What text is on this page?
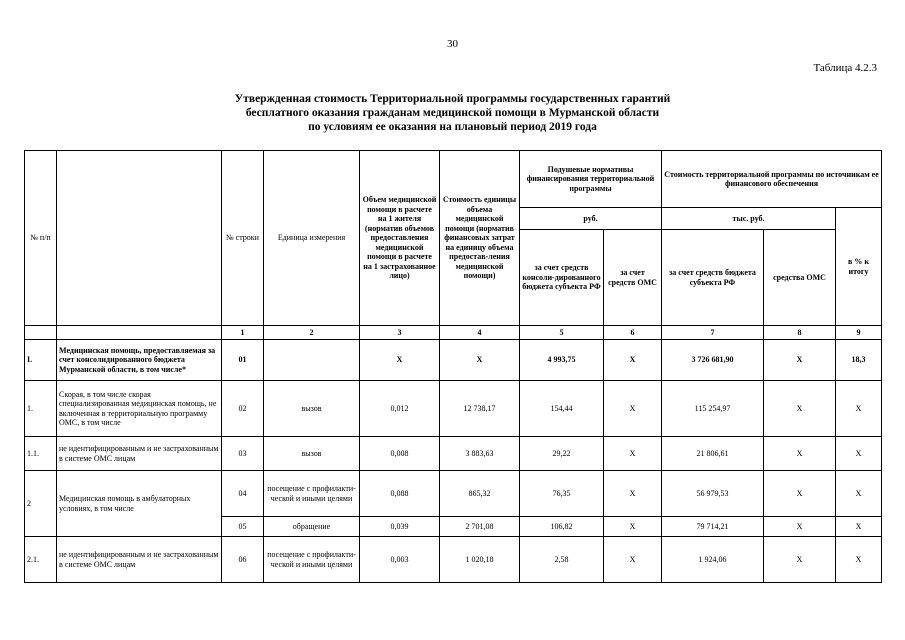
30
Таблица 4.2.3
Утвержденная стоимость Территориальной программы государственных гарантий
бесплатного оказания гражданам медицинской помощи в Мурманской области
по условиям ее оказания на плановый период 2019 года
№ п/п		№ строки	Единица измерения	Объем медицинской помощи в расчете на 1 жителя (норматив объемов предоставления медицинской помощи в расчете на 1 застрахованное лицо)	Стоимость единицы объема медицинской помощи (норматив финансовых затрат на единицу объема предостав-ления медицинской помощи)	Подушевые нормативы финансирования территориальной программы		Стоимость территориальной программы по источникам ее финансового обеспечения		
						руб.		тыс. руб.		в % к итогу
						за счет средств консоли-дированного бюджета субъекта РФ	за счет средств ОМС	за счет средств бюджета субъекта РФ	средства ОМС	
		1	2	3	4	5	6	7	8	9
I.	Медицинская помощь, предоставляемая за счет консолидированного бюджета Мурманской области, в том числе*	01		Х	Х	4 993,75	Х	3 726 681,90	Х	18,3
1.	Скорая, в том числе скорая специализированная медицинская помощь, не включенная в территориальную программу ОМС, в том числе	02	вызов	0,012	12 738,17	154,44	Х	115 254,97	Х	Х
1.1.	не идентифицированным и не застрахованным в системе ОМС лицам	03	вызов	0,008	3 883,63	29,22	Х	21 806,61	Х	Х
2	Медицинская помощь в амбулаторных условиях, в том числе	04	посещение с профилакти-ческой и иными целями	0,088	865,32	76,35	Х	56 979,53	Х	Х
		05	обращение	0,039	2 701,08	106,82	Х	79 714,21	Х	Х
2.1.	не идентифицированным и не застрахованным в системе ОМС лицам	06	посещение с профилакти-ческой и иными целями	0,003	1 020,18	2,58	Х	1 924,06	Х	Х
